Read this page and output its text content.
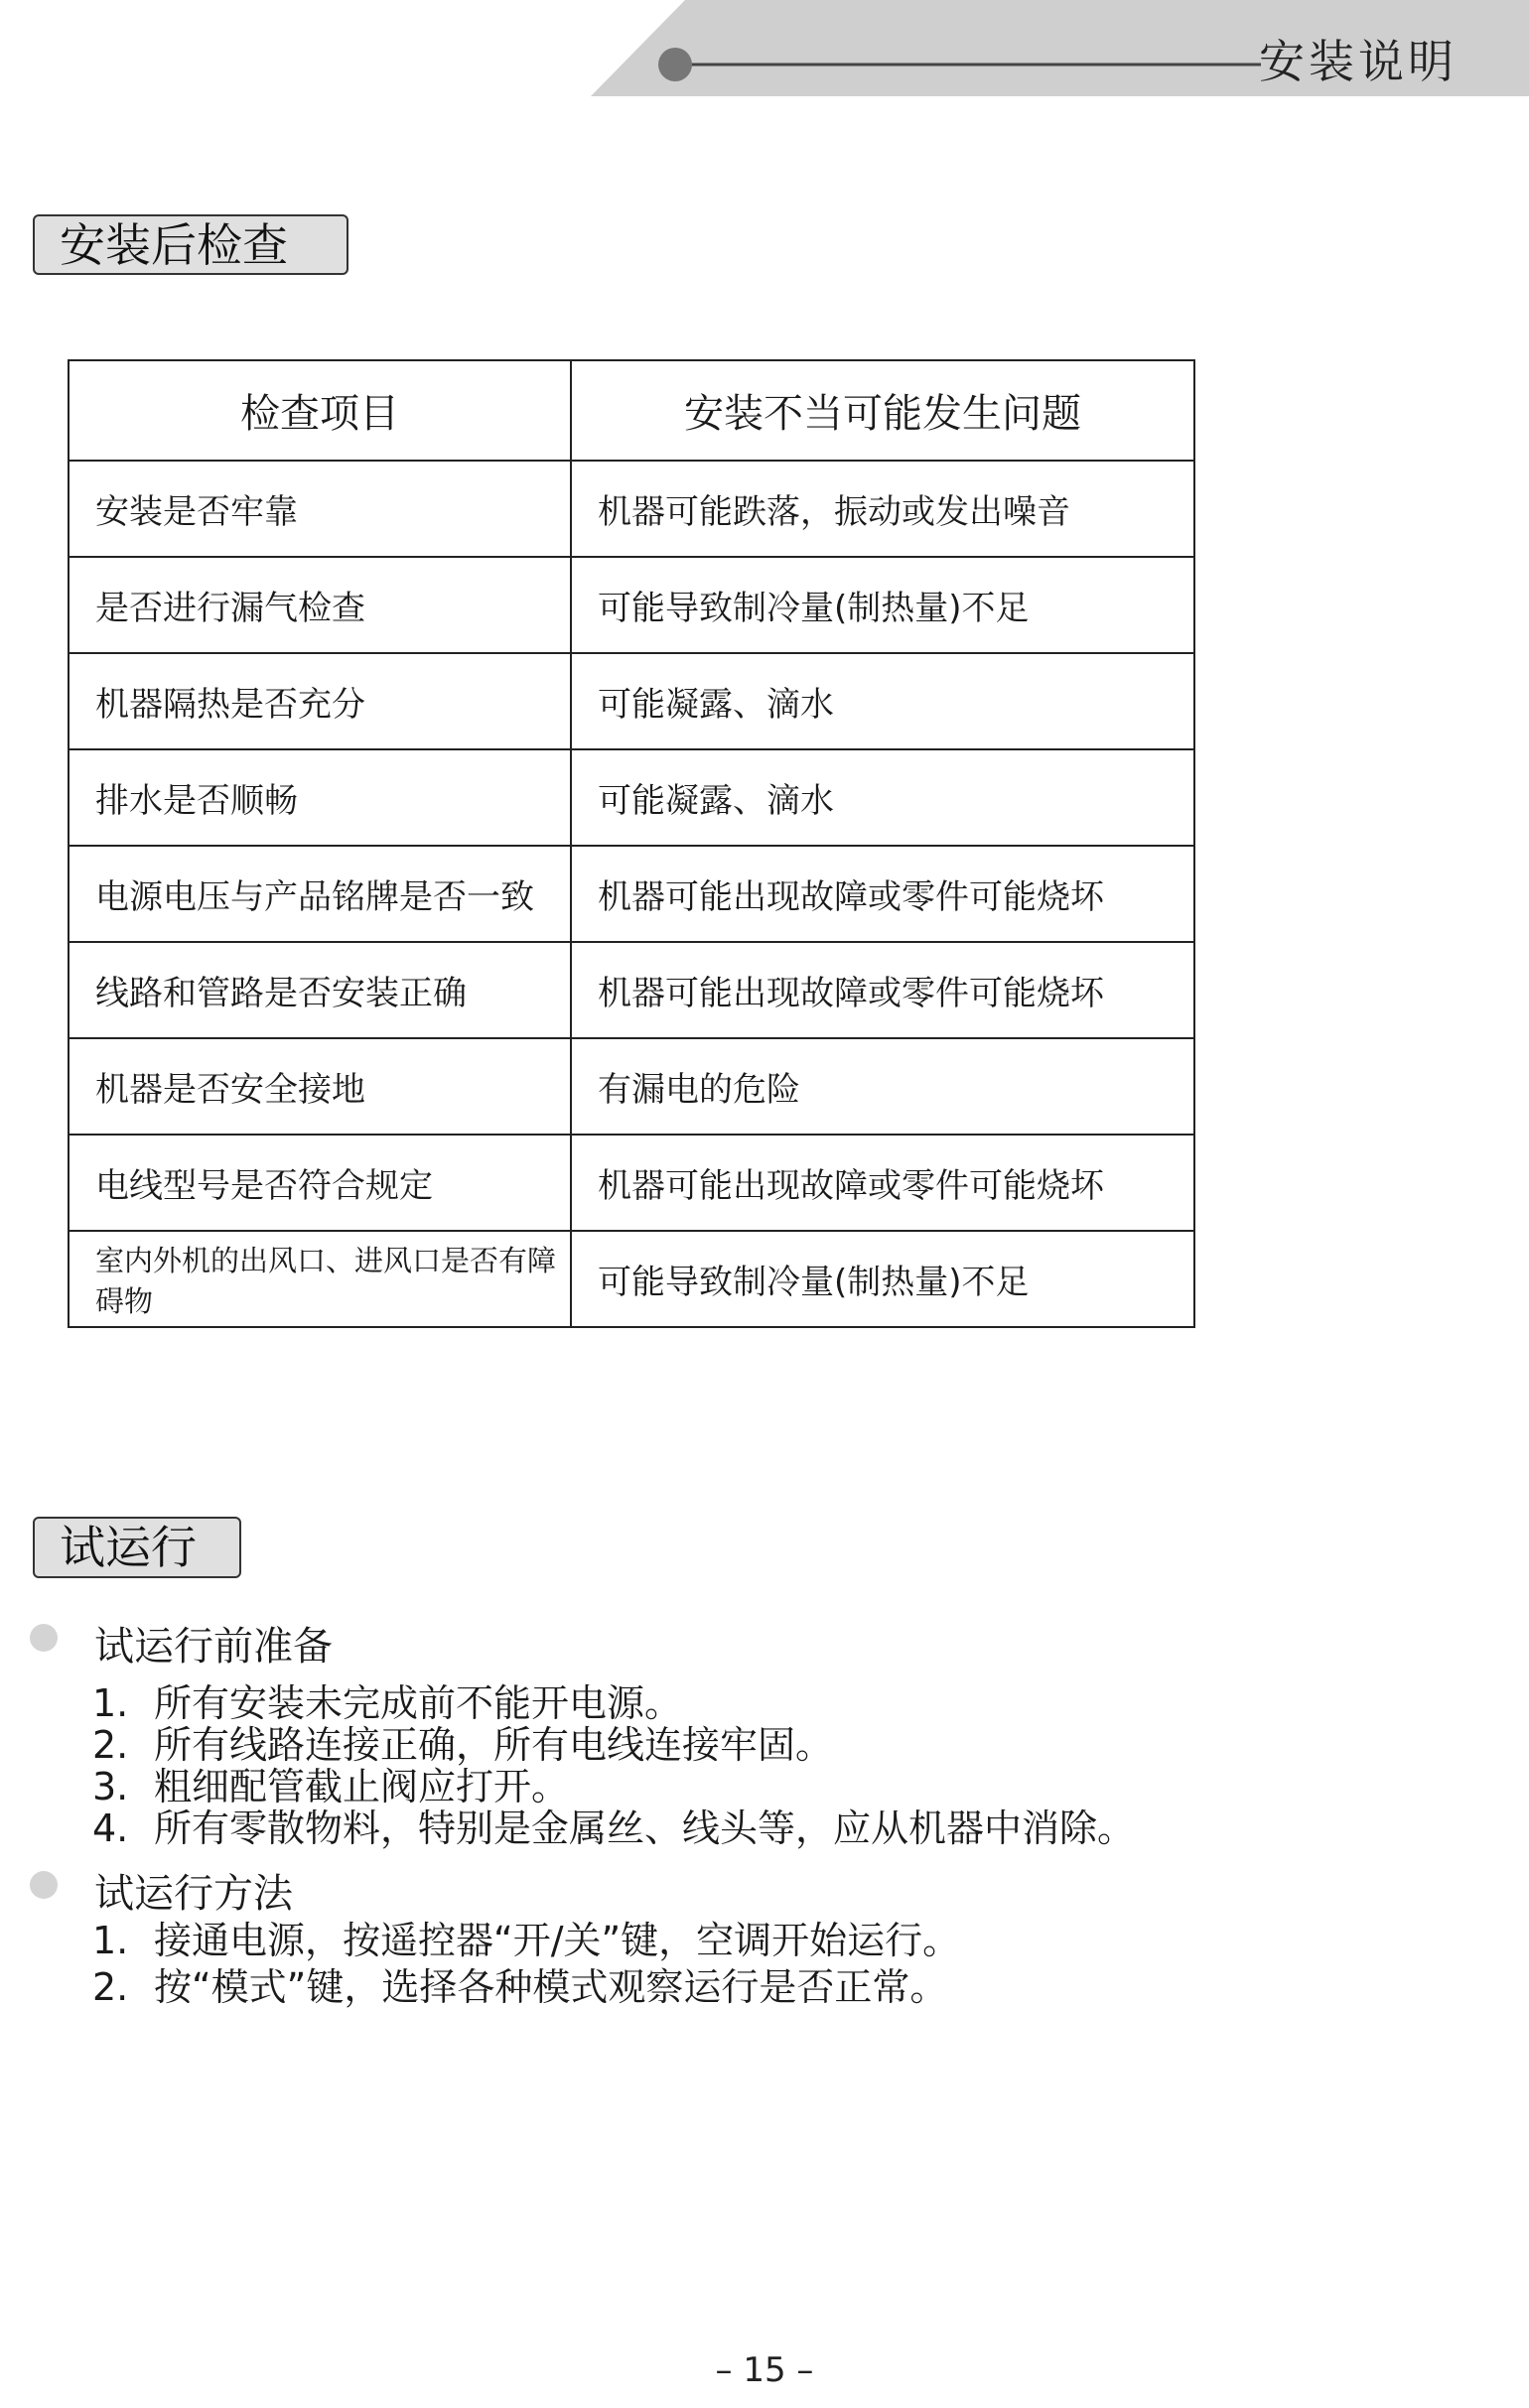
安装说明
安装后检查
检查项目	安装不当可能发生问题
安装是否牢靠	机器可能跌落，振动或发出噪音
是否进行漏气检查	可能导致制冷量(制热量)不足
机器隔热是否充分	可能凝露、滴水
排水是否顺畅	可能凝露、滴水
电源电压与产品铭牌是否一致	机器可能出现故障或零件可能烧坏
线路和管路是否安装正确	机器可能出现故障或零件可能烧坏
机器是否安全接地	有漏电的危险
电线型号是否符合规定	机器可能出现故障或零件可能烧坏
室内外机的出风口、进风口是否有障碍物	可能导致制冷量(制热量)不足
试运行
试运行前准备
1. 所有安装未完成前不能开电源。
2. 所有线路连接正确，所有电线连接牢固。
3. 粗细配管截止阀应打开。
4. 所有零散物料，特别是金属丝、线头等，应从机器中消除。
试运行方法
1. 接通电源，按遥控器“开/关”键，空调开始运行。
2. 按“模式”键，选择各种模式观察运行是否正常。
– 15 –
